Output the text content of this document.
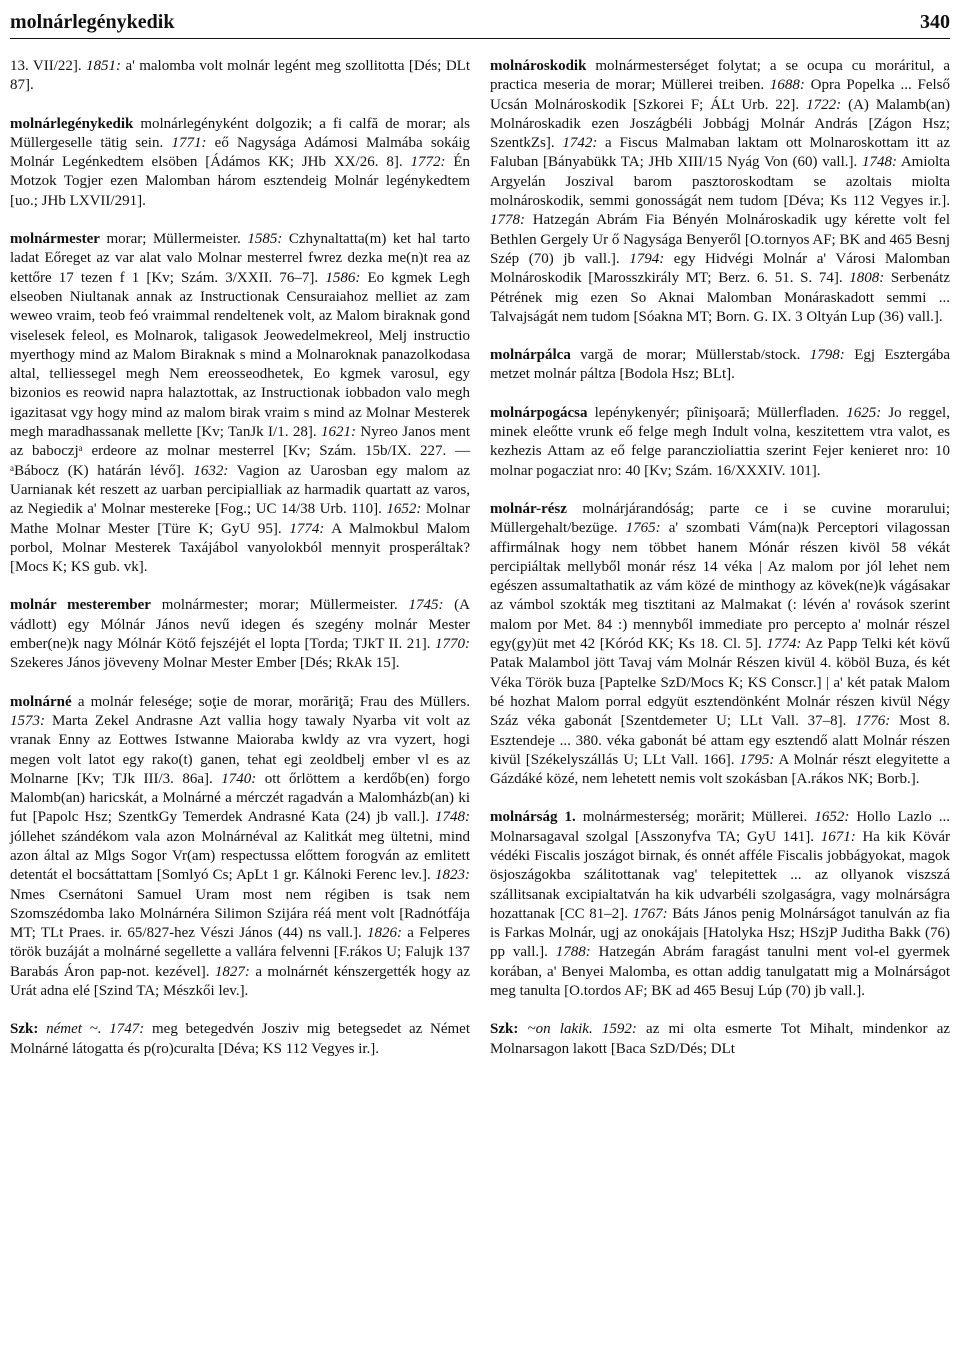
molnárlegénykedik	340

13. VII/22]. 1851: a' malomba volt molnár legént meg szollitotta [Dés; DLt 87].

molnárlegénykedik molnárlegényként dolgozik; a fi calfă de morar; als Müllergeselle tätig sein. 1771: eő Nagysága Adámosi Malmába sokáig Molnár Legénkedtem elsöben [Ádámos KK; JHb XX/26. 8]. 1772: Én Motzok Togjer ezen Malomban három esztendeig Molnár legénykedtem [uo.; JHb LXVII/291].

molnármester morar; Müllermeister. 1585: Czhynaltatta(m) ket hal tarto ladat Eőreget az var alat valo Molnar mesterrel fwrez dezka me(n)t rea az kettőre 17 tezen f 1 [Kv; Szám. 3/XXII. 76–7]. 1586: Eo kgmek Legh elseoben Niultanak annak az Instructionak Censuraiahoz melliet az zam weweo vraim, teob feó vraimmal rendeltenek volt, az Malom biraknak gond viselesek feleol, es Molnarok, taligasok Jeowedelmekreol, Melj instructio myerthogy mind az Malom Biraknak s mind a Molnaroknak panazolkodasa altal, telliessegel megh Nem ereosseodhetek, Eo kgmek varosul, egy bizonios es reowid napra halaztottak, az Instructionak iobbadon valo megh igazitasat vgy hogy mind az malom birak vraim s mind az Molnar Mesterek megh maradhassanak mellette [Kv; TanJk I/1. 28]. 1621: Nyreo Janos ment az baboczjᵃ erdeore az molnar mesterrel [Kv; Szám. 15b/IX. 227. — ᵃBábocz (K) határán lévő]. 1632: Vagion az Uarosban egy malom az Uarnianak két reszett az uarban percipialliak az harmadik quartatt az varos, az Negiedik a' Molnar mestereke [Fog.; UC 14/38 Urb. 110]. 1652: Molnar Mathe Molnar Mester [Türe K; GyU 95]. 1774: A Malmokbul Malom porbol, Molnar Mesterek Taxájábol vanyolokból mennyit prosperáltak? [Mocs K; KS gub. vk].

molnár mesterember molnármester; morar; Müllermeister. 1745: (A vádlott) egy Mólnár János nevű idegen és szegény molnár Mester ember(ne)k nagy Mólnár Kötő fejszéjét el lopta [Torda; TJkT II. 21]. 1770: Szekeres János jöveveny Molnar Mester Ember [Dés; RkAk 15].

molnárné a molnár felesége; soţie de morar, morăriţă; Frau des Müllers. 1573: Marta Zekel Andrasne Azt vallia hogy tawaly Nyarba vit volt az vranak Enny az Eottwes Istwanne Maioraba kwldy az vra vyzert, hogi megen volt latot egy rako(t) ganen, tehat egi zeoldbelj ember vl es az Molnarne [Kv; TJk III/3. 86a]. 1740: ott őrlöttem a kerdőb(en) forgo Malomb(an) haricskát, a Molnárné a mérczét ragadván a Malomházb(an) ki fut [Papolc Hsz; SzentkGy Temerdek Andrasné Kata (24) jb vall.]. 1748: jóllehet szándékom vala azon Molnárnéval az Kalitkát meg ültetni, mind azon által az Mlgs Sogor Vr(am) respectussa előttem forogván az emlitett detentát el bocsáttattam [Somlyó Cs; ApLt 1 gr. Kálnoki Ferenc lev.]. 1823: Nmes Csernátoni Samuel Uram most nem régiben is tsak nem Szomszédomba lako Molnárnéra Silimon Szijára réá ment volt [Radnótfája MT; TLt Praes. ir. 65/827-hez Vészi János (44) ns vall.]. 1826: a Felperes török buzáját a molnárné segellette a vallára felvenni [F.rákos U; Falujk 137 Barabás Áron pap-not. kezével]. 1827: a molnárnét kénszergették hogy az Urát adna elé [Szind TA; Mészkői lev.].

Szk: német ~. 1747: meg betegedvén Josziv mig betegsedet az Német Molnárné látogatta és p(ro)curalta [Déva; KS 112 Vegyes ir.].

molnároskodik molnármesterséget folytat; a se ocupa cu moráritul, a practica meseria de morar; Müllerei treiben. 1688: Opra Popelka ... Felső Ucsán Molnároskodik [Szkorei F; ÁLt Urb. 22]. 1722: (A) Malamb(an) Molnároskadik ezen Joszágbéli Jobbágj Molnár András [Zágon Hsz; SzentkZs]. 1742: a Fiscus Malmaban laktam ott Molnaroskottam itt az Faluban [Bányabükk TA; JHb XIII/15 Nyág Von (60) vall.]. 1748: Amiolta Argyelán Joszival barom pasztoroskodtam se azoltais miolta molnároskodik, semmi gonosságát nem tudom [Déva; Ks 112 Vegyes ir.]. 1778: Hatzegán Abrám Fia Bényén Molnároskadik ugy kérette volt fel Bethlen Gergely Ur ő Nagysága Benyeről [O.tornyos AF; BK and 465 Besnj Szép (70) jb vall.]. 1794: egy Hidvégi Molnár a' Városi Malomban Molnároskodik [Marosszkirály MT; Berz. 6. 51. S. 74]. 1808: Serbenátz Pétrének mig ezen So Aknai Malomban Monáraskadott semmi ... Talvajságát nem tudom [Sóakna MT; Born. G. IX. 3 Oltyán Lup (36) vall.].

molnárpálca vargă de morar; Müllerstab/stock. 1798: Egj Esztergába metzet molnár páltza [Bodola Hsz; BLt].

molnárpogácsa lepénykenyér; pîinişoară; Müllerfladen. 1625: Jo reggel, minek eleőtte vrunk eő felge megh Indult volna, keszitettem vtra valot, es kezhezis Attam az eő felge paranczioliattia szerint Fejer kenieret nro: 10 molnar pogacziat nro: 40 [Kv; Szám. 16/XXXIV. 101].

molnár-rész molnárjárandóság; parte ce i se cuvine morarului; Müllergehalt/bezüge. 1765: a' szombati Vám(na)k Perceptori vilagossan affirmálnak hogy nem többet hanem Mónár részen kivöl 58 vékát percipiáltak mellyből monár rész 14 véka | Az malom por jól lehet nem egészen assumaltathatik az vám közé de minthogy az kövek(ne)k vágásakar az vámbol szokták meg tisztitani az Malmakat (: lévén a' rovások szerint malom por Met. 84 :) mennyből immediate pro percepto a' molnár részel egy(gy)üt met 42 [Kóród KK; Ks 18. Cl. 5]. 1774: Az Papp Telki két kövű Patak Malambol jött Tavaj vám Molnár Részen kivül 4. köböl Buza, és két Véka Török buza [Paptelke SzD/Mocs K; KS Conscr.] | a' két patak Malom bé hozhat Malom porral edgyüt esztendönként Molnár részen kivül Négy Száz véka gabonát [Szentdemeter U; LLt Vall. 37–8]. 1776: Most 8. Esztendeje ... 380. véka gabonát bé attam egy esztendő alatt Molnár részen kivül [Székelyszállás U; LLt Vall. 166]. 1795: A Molnár részt elegyitette a Gázdáké közé, nem lehetett nemis volt szokásban [A.rákos NK; Borb.].

molnárság 1. molnármesterség; morărit; Müllerei. 1652: Hollo Lazlo ... Molnarsagaval szolgal [Asszonyfva TA; GyU 141]. 1671: Ha kik Kövár védéki Fiscalis joszágot birnak, és onnét afféle Fiscalis jobbágyokat, magok ösjoszágokba szálitottanak vag' telepitettek ... az ollyanok viszszá szállitsanak excipialtatván ha kik udvarbéli szolgaságra, vagy molnárságra hozattanak [CC 81–2]. 1767: Báts János penig Molnárságot tanulván az fia is Farkas Molnár, ugj az onokájais [Hatolyka Hsz; HSzjP Juditha Bakk (76) pp vall.]. 1788: Hatzegán Abrám faragást tanulni ment vol-el gyermek korában, a' Benyei Malomba, es ottan addig tanulgatatt mig a Molnárságot meg tanulta [O.tordos AF; BK ad 465 Besuj Lúp (70) jb vall.].

Szk: ~on lakik. 1592: az mi olta esmerte Tot Mihalt, mindenkor az Molnarsagon lakott [Baca SzD/Dés; DLt
